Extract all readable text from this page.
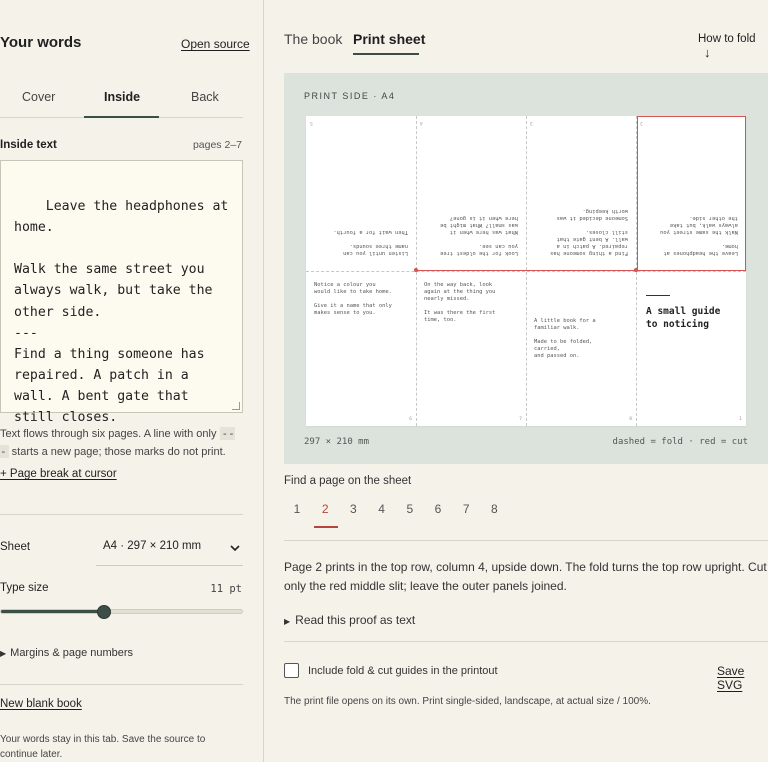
Your words	Open source
Cover	Inside	Back
Inside text	pages 2–7

Leave the headphones at home.

Walk the same street you always walk, but take the other side.
---
Find a thing someone has repaired. A patch in a wall. A bent gate that still closes.

Text flows through six pages. A line with only --- starts a new page; those marks do not print.
+ Page break at cursor
Sheet	A4 · 297 × 210 mm
Type size	11 pt
▶ Margins & page numbers
New blank book
Your words stay in this tab. Save the source to continue later.
The book Print sheet	How to fold ↓
PRINT SIDE · A4
Listen until you can
name three sounds.

Then wait for a fourth.
5
Look for the oldest tree
you can see.

What was here when it
was small? What might be
here when it is gone?
4
Find a thing someone has
repaired. A patch in a
wall. A bent gate that
still closes.

Someone decided it was
worth keeping.
3
Leave the headphones at
home.

Walk the same street you
always walk, but take
the other side.
2
Notice a colour you
would like to take home.

Give it a name that only
makes sense to you.
6
On the way back, look
again at the thing you
nearly missed.

It was there the first
time, too.
7
A little book for a
familiar walk.

Made to be folded,
carried,
and passed on.
8
A small guide
to noticing
1
297 × 210 mm	dashed = fold · red = cut
Find a page on the sheet
1	2	3	4	5	6	7	8
Page 2 prints in the top row, column 4, upside down. The fold turns the top row upright. Cut only the red middle slit; leave the outer panels joined.
▶ Read this proof as text
Include fold & cut guides in the printout	Save SVG
The print file opens on its own. Print single-sided, landscape, at actual size / 100%.
